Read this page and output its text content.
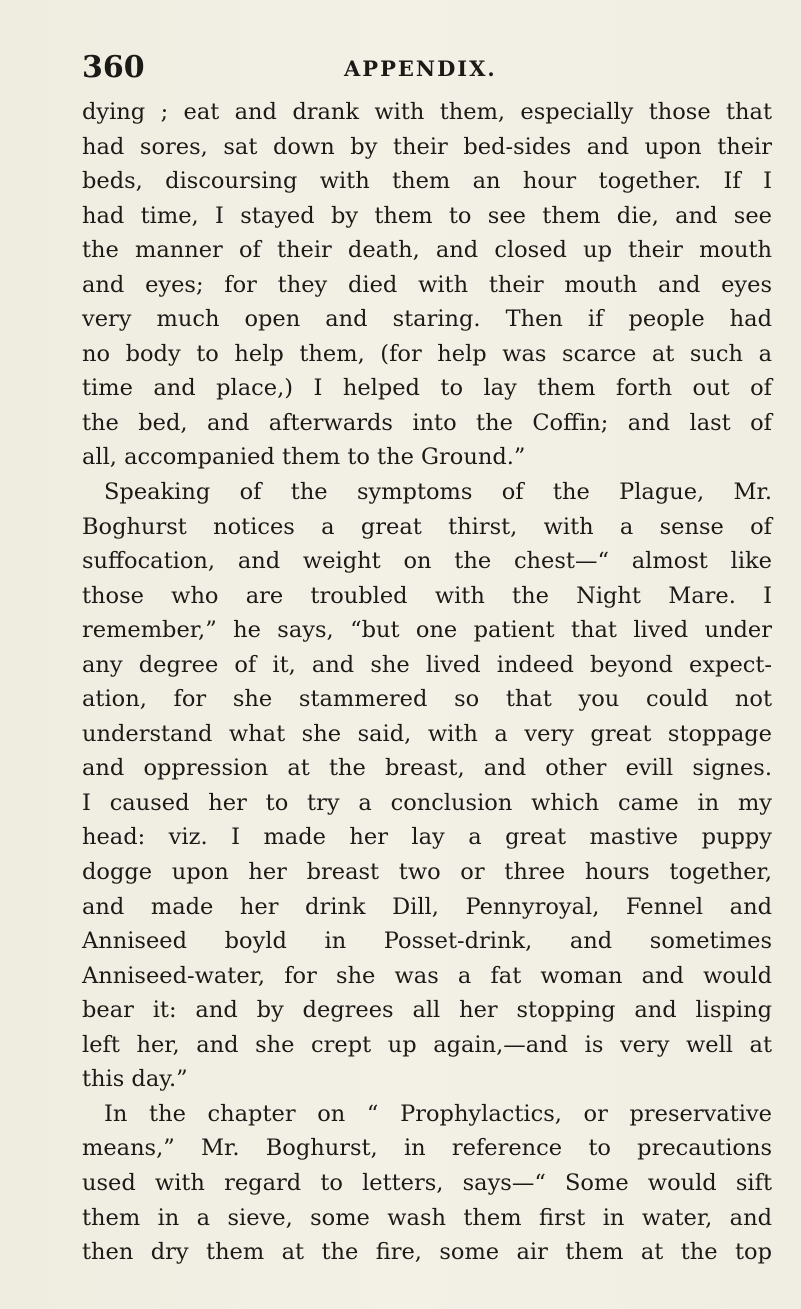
360	APPENDIX.
dying ; eat and drank with them, especially those that
had sores, sat down by their bed-sides and upon their
beds, discoursing with them an hour together. If I
had time, I stayed by them to see them die, and see
the manner of their death, and closed up their mouth
and eyes; for they died with their mouth and eyes
very much open and staring. Then if people had
no body to help them, (for help was scarce at such a
time and place,) I helped to lay them forth out of
the bed, and afterwards into the Coffin; and last of
all, accompanied them to the Ground.”
Speaking of the symptoms of the Plague, Mr.
Boghurst notices a great thirst, with a sense of
suffocation, and weight on the chest—“ almost like
those who are troubled with the Night Mare. I
remember,” he says, “but one patient that lived under
any degree of it, and she lived indeed beyond expect-
ation, for she stammered so that you could not
understand what she said, with a very great stoppage
and oppression at the breast, and other evill signes.
I caused her to try a conclusion which came in my
head: viz. I made her lay a great mastive puppy
dogge upon her breast two or three hours together,
and made her drink Dill, Pennyroyal, Fennel and
Anniseed boyld in Posset-drink, and sometimes
Anniseed-water, for she was a fat woman and would
bear it: and by degrees all her stopping and lisping
left her, and she crept up again,—and is very well at
this day.”
In the chapter on “ Prophylactics, or preservative
means,” Mr. Boghurst, in reference to precautions
used with regard to letters, says—“ Some would sift
them in a sieve, some wash them first in water, and
then dry them at the fire, some air them at the top
